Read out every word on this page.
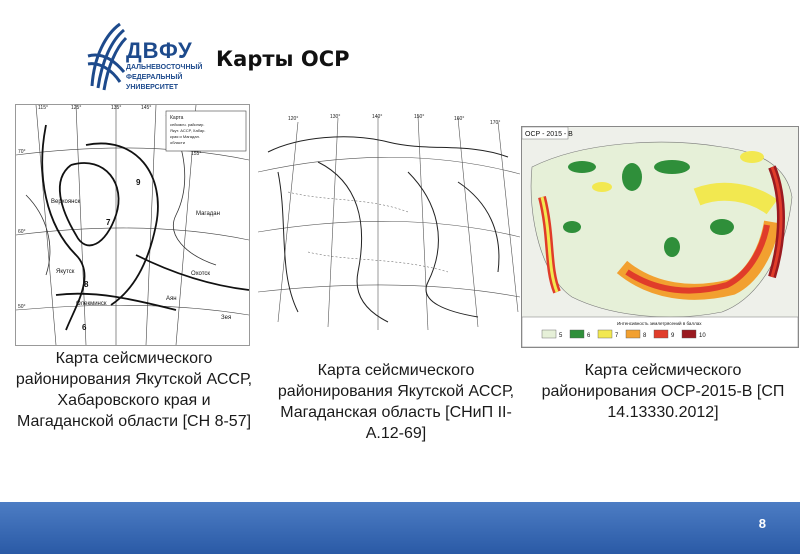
ДВФУ
ДАЛЬНЕВОСТОЧНЫЙ
ФЕДЕРАЛЬНЫЙ
УНИВЕРСИТЕТ
Карты ОСР
Карта
сейсмич. районир.
Якут. АССР, Хабар.
края и Магадан.
области
115°	125°	135°	145°
155°
70°
60°
50°
Верхоянск
Якутск
Олекминск
Аян
Охотск
Магадан
Зея
6
7
8
9
120°	130°	140°	150°	160°
170°
ОСР - 2015 - В
Интенсивность землетрясений в баллах
5	6	7	8	9	10
Карта сейсмического районирования Якутской АССР, Хабаровского края и Магаданской области [СН 8-57]
Карта сейсмического районирования Якутской АССР, Магаданская область [СНиП II-А.12-69]
Карта сейсмического районирования ОСР-2015-В [СП 14.13330.2012]
8
